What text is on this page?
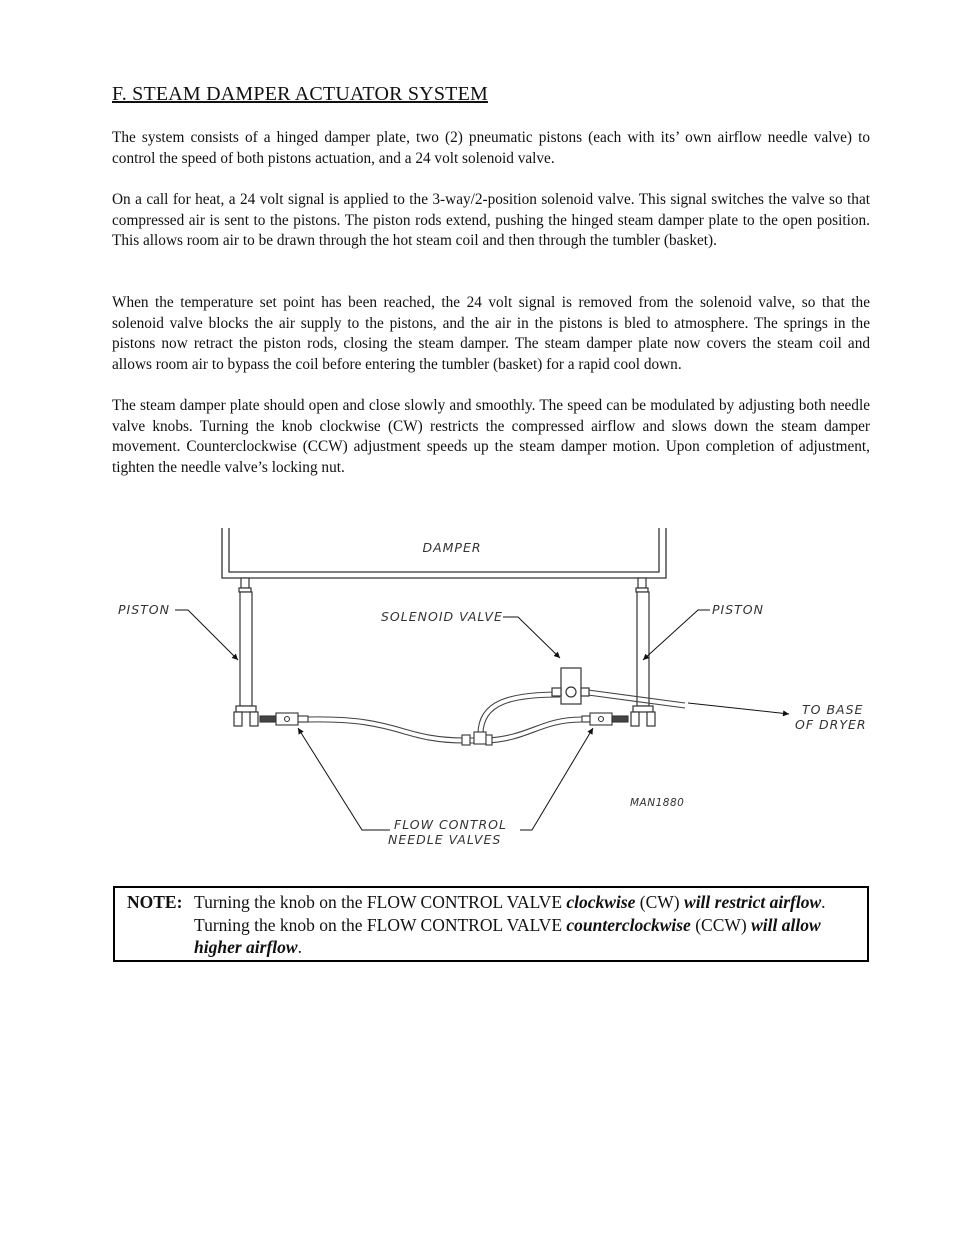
F. STEAM DAMPER ACTUATOR SYSTEM

The system consists of a hinged damper plate, two (2) pneumatic pistons (each with its’ own airflow needle valve) to control the speed of both pistons actuation, and a 24 volt solenoid valve.

On a call for heat, a 24 volt signal is applied to the 3-way/2-position solenoid valve. This signal switches the valve so that compressed air is sent to the pistons. The piston rods extend, pushing the hinged steam damper plate to the open position. This allows room air to be drawn through the hot steam coil and then through the tumbler (basket).

When the temperature set point has been reached, the 24 volt signal is removed from the solenoid valve, so that the solenoid valve blocks the air supply to the pistons, and the air in the pistons is bled to atmosphere. The springs in the pistons now retract the piston rods, closing the steam damper. The steam damper plate now covers the steam coil and allows room air to bypass the coil before entering the tumbler (basket) for a rapid cool down.

The steam damper plate should open and close slowly and smoothly. The speed can be modulated by adjusting both needle valve knobs. Turning the knob clockwise (CW) restricts the compressed airflow and slows down the steam damper movement. Counterclockwise (CCW) adjustment speeds up the steam damper motion. Upon completion of adjustment, tighten the needle valve’s locking nut.

DAMPER
PISTON	PISTON
SOLENOID VALVE
TO BASE
OF DRYER
MAN1880
FLOW CONTROL
NEEDLE VALVES
NOTE: Turning the knob on the FLOW CONTROL VALVE clockwise (CW) will restrict airflow. Turning the knob on the FLOW CONTROL VALVE counterclockwise (CCW) will allow higher airflow.
